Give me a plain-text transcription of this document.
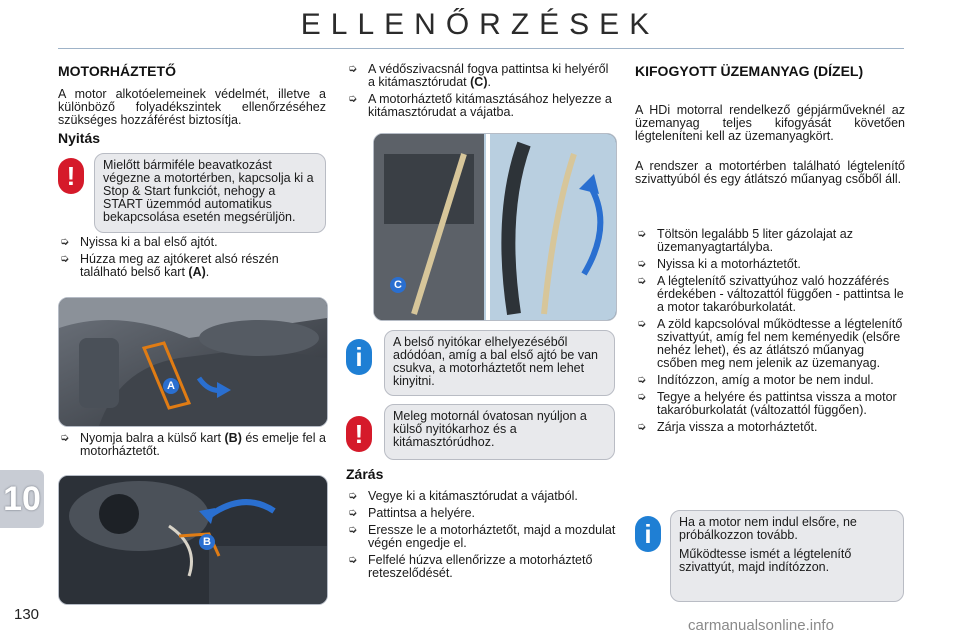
ELLENŐRZÉSEK
MOTORHÁZTETŐ
A motor alkotóelemeinek védelmét, illetve a különböző folyadékszintek ellenőrzéséhez szükséges hozzáférést biztosítja.
Nyitás
!	Mielőtt bármiféle beavatkozást végezne a motortérben, kapcsolja ki a Stop & Start funkciót, nehogy a START üzemmód automatikus bekapcsolása esetén megsérüljön.
➭ Nyissa ki a bal első ajtót.
➭ Húzza meg az ajtókeret alsó részén található belső kart (A).
A
➭ Nyomja balra a külső kart (B) és emelje fel a motorháztetőt.
B
➭ A védőszivacsnál fogva pattintsa ki helyéről a kitámasztórudat (C).
➭ A motorháztető kitámasztásához helyezze a kitámasztórudat a vájatba.
C
i	A belső nyitókar elhelyezéséből adódóan, amíg a bal első ajtó be van csukva, a motorháztetőt nem lehet kinyitni.
!
Meleg motornál óvatosan nyúljon a külső nyitókarhoz és a kitámasztórúdhoz.
Zárás
➭ Vegye ki a kitámasztórudat a vájatból.
➭ Pattintsa a helyére.
➭ Eressze le a motorháztetőt, majd a mozdulat végén engedje el.
➭ Felfelé húzva ellenőrizze a motorháztető reteszelődését.
KIFOGYOTT ÜZEMANYAG (DÍZEL)
A HDi motorral rendelkező gépjárműveknél az üzemanyag teljes kifogyását követően légteleníteni kell az üzemanyagkört.
A rendszer a motortérben található légtelenítő szivattyúból és egy átlátszó műanyag csőből áll.
➭ Töltsön legalább 5 liter gázolajat az üzemanyagtartályba.
➭ Nyissa ki a motorháztetőt.
➭ A légtelenítő szivattyúhoz való hozzáférés érdekében - változattól függően - pattintsa le a motor takaróburkolatát.
➭ A zöld kapcsolóval működtesse a légtelenítő szivattyút, amíg fel nem keményedik (elsőre nehéz lehet), és az átlátszó műanyag csőben meg nem jelenik az üzemanyag.
➭ Indítózzon, amíg a motor be nem indul.
➭ Tegye a helyére és pattintsa vissza a motor takaróburkolatát (változattól függően).
➭ Zárja vissza a motorháztetőt.
i	Ha a motor nem indul elsőre, ne próbálkozzon tovább.
Működtesse ismét a légtelenítő szivattyút, majd indítózzon.
10
130
carmanualsonline.info
